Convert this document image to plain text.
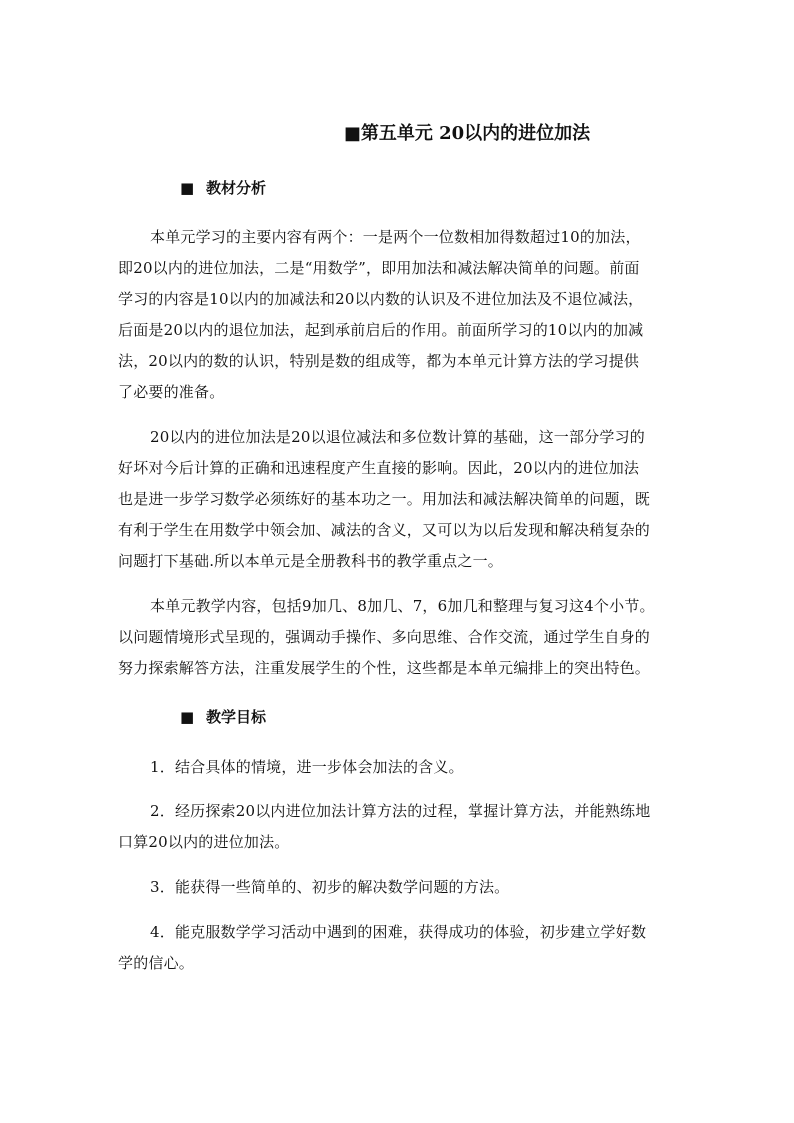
■第五单元 20以内的进位加法
■ 教材分析
本单元学习的主要内容有两个：一是两个一位数相加得数超过10的加法，
即20以内的进位加法，二是“用数学”，即用加法和减法解决简单的问题。前面
学习的内容是10以内的加减法和20以内数的认识及不进位加法及不退位减法，
后面是20以内的退位加法，起到承前启后的作用。前面所学习的10以内的加减
法，20以内的数的认识，特别是数的组成等，都为本单元计算方法的学习提供
了必要的准备。
20以内的进位加法是20以退位减法和多位数计算的基础，这一部分学习的
好坏对今后计算的正确和迅速程度产生直接的影响。因此，20以内的进位加法
也是进一步学习数学必须练好的基本功之一。用加法和减法解决简单的问题，既
有利于学生在用数学中领会加、减法的含义，又可以为以后发现和解决稍复杂的
问题打下基础.所以本单元是全册教科书的教学重点之一。
本单元教学内容，包括9加几、8加几、7，6加几和整理与复习这4个小节。
以问题情境形式呈现的，强调动手操作、多向思维、合作交流，通过学生自身的
努力探索解答方法，注重发展学生的个性，这些都是本单元编排上的突出特色。
■ 教学目标
1．结合具体的情境，进一步体会加法的含义。
2．经历探索20以内进位加法计算方法的过程，掌握计算方法，并能熟练地
口算20以内的进位加法。
3．能获得一些简单的、初步的解决数学问题的方法。
4．能克服数学学习活动中遇到的困难，获得成功的体验，初步建立学好数
学的信心。
